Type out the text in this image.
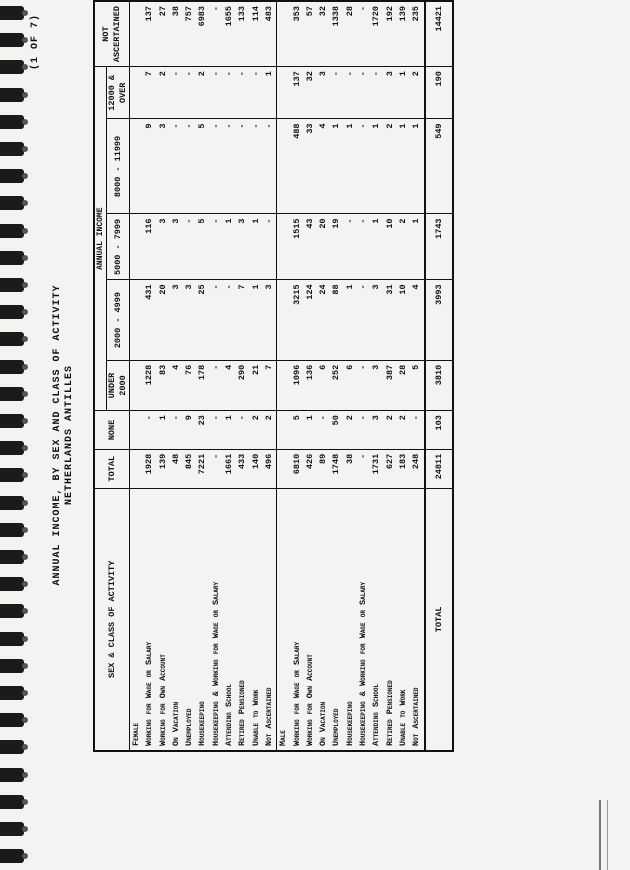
ANNUAL INCOME, BY SEX AND CLASS OF ACTIVITY NETHERLANDS ANTILLES
(1 OF 7)
SEX & CLASS OF ACTIVITY	TOTAL	NONE	ANNUAL INCOME					NOT ASCERTAINED
			UNDER 2000	2000 - 4999	5000 - 7999	8000 - 11999	12000 & OVER	
Female								
Working for Wage or Salary	1928	-	1228	431	116	9	7	137
Working for Own Account	139	1	83	20	3	3	2	27
On Vacation	48	-	4	3	3	-	-	38
Unemployed	845	9	76	3	-	-	-	757
Housekeeping	7221	23	178	25	5	5	2	6983
Housekeeping & Working for Wage or Salary	-	-	-	-	-	-	-	-
Attending School	1661	1	4	-	1	-	-	1655
Retired Pensioned	433	-	290	7	3	-	-	133
Unable to Work	140	2	21	1	1	-	-	114
Not Ascertained	496	2	7	3	-	-	1	483

Male								
Working for Wage or Salary	6810	5	1096	3215	1515	488	137	353
Working for Own Account	426	1	136	124	43	33	32	57
On Vacation	89	-	6	24	20	4	3	32
Unemployed	1748	50	252	88	19	1	-	1338
Housekeeping	38	2	6	1	-	1	-	28
Housekeeping & Working for Wage or Salary	-	-	-	-	-	-	-	-
Attending School	1731	3	3	3	1	1	-	1720
Retired Pensioned	627	2	387	31	10	2	3	192
Unable to Work	183	2	28	10	2	1	1	139
Not Ascertained	248	-	5	4	1	1	2	235

TOTAL	24811	103	3810	3993	1743	549	190	14421
